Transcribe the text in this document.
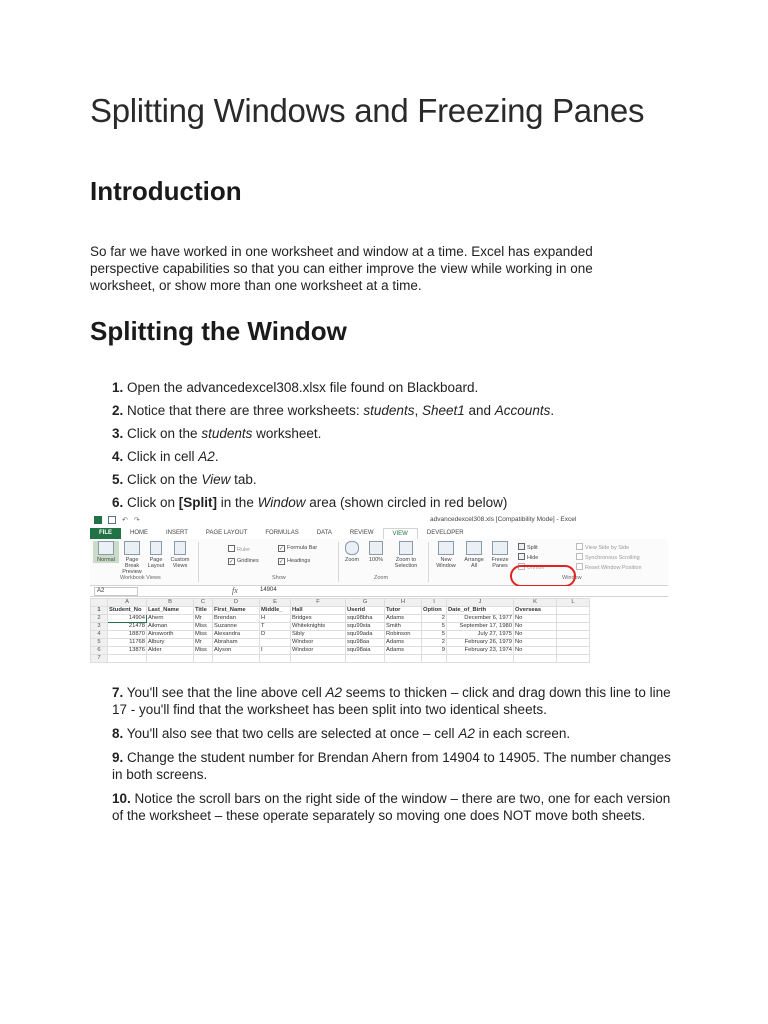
Splitting Windows and Freezing Panes
Introduction

So far we have worked in one worksheet and window at a time. Excel has expanded perspective capabilities so that you can either improve the view while working in one worksheet, or show more than one worksheet at a time.

Splitting the Window
1. Open the advancedexcel308.xlsx file found on Blackboard.
2. Notice that there are three worksheets: students, Sheet1 and Accounts.
3. Click on the students worksheet.
4. Click in cell A2.
5. Click on the View tab.
6. Click on [Split] in the Window area (shown circled in red below)
↶ ↷	advancedexcel308.xls [Compatibility Mode] - Excel
FILE	HOME	INSERT	PAGE LAYOUT	FORMULAS	DATA	REVIEW	VIEW	DEVELOPER
Normal	Page Break Preview
Page Layout
Custom Views
Workbook Views
Ruler	✓ Formula Bar
✓ Gridlines	✓ Headings
Show
Zoom	100%	Zoom to Selection
Zoom
New Window
Arrange All
Freeze Panes
Split
Hide
Unhide
View Side by Side
Synchronous Scrolling
Reset Window Position
Window
A2	fx	14904
	A	B	C	D	E	F	G	H	I	J	K	L
1	Student_No	Last_Name	Title	First_Name	Middle_	Hall	Userid	Tutor	Option	Date_of_Birth	Overseas	
2	14904	Ahern	Mr	Brendan	H	Bridges	squ98bha	Adams	2	December 6, 1977	No	
3	21478	Aikman	Miss	Suzanne	T	Whiteknights	squ99sta	Smith	5	September 17, 1980	No	
4	18870	Ainsworth	Miss	Alexandra	D	Sibly	squ99ada	Robinson	5	July 27, 1975	No	
5	11768	Albury	Mr	Abraham		Windsor	squ98aa	Adams	2	February 26, 1979	No	
6	13876	Alder	Miss	Alyson	I	Windsor	squ98aia	Adams	9	February 23, 1974	No	
7												
7. You'll see that the line above cell A2 seems to thicken – click and drag down this line to line 17 - you'll find that the worksheet has been split into two identical sheets.
8. You'll also see that two cells are selected at once – cell A2 in each screen.
9. Change the student number for Brendan Ahern from 14904 to 14905. The number changes in both screens.
10. Notice the scroll bars on the right side of the window – there are two, one for each version of the worksheet – these operate separately so moving one does NOT move both sheets.
